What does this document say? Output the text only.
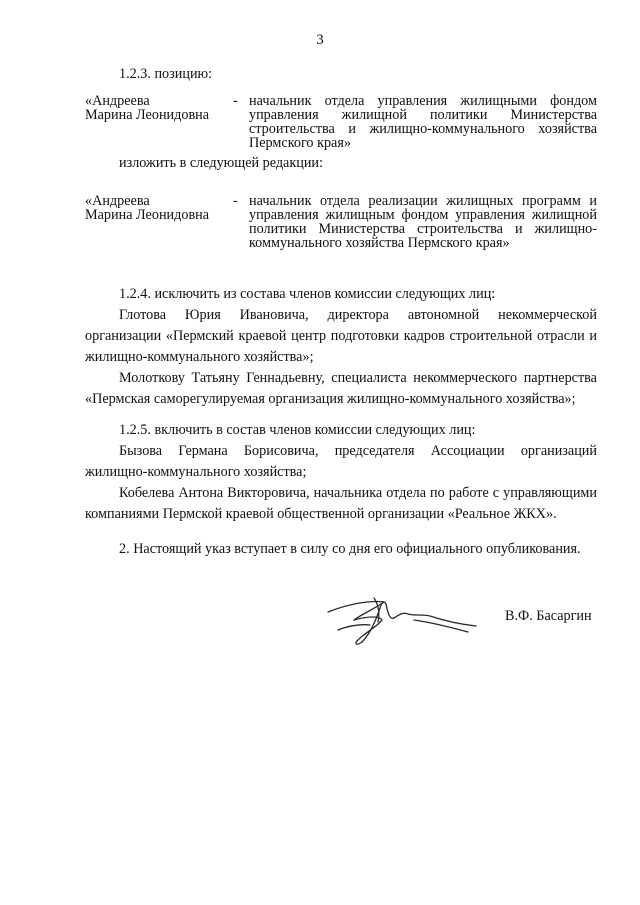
3
1.2.3. позицию:
«Андреева
Марина Леонидовна
- начальник отдела управления жилищными фондом управления жилищной политики Министерства строительства и жилищно-коммунального хозяйства Пермского края»
изложить в следующей редакции:
«Андреева
Марина Леонидовна
- начальник отдела реализации жилищных программ и управления жилищным фондом управления жилищной политики Министерства строительства и жилищно-коммунального хозяйства Пермского края»
1.2.4. исключить из состава членов комиссии следующих лиц:
Глотова Юрия Ивановича, директора автономной некоммерческой организации «Пермский краевой центр подготовки кадров строительной отрасли и жилищно-коммунального хозяйства»;
Молоткову Татьяну Геннадьевну, специалиста некоммерческого партнерства «Пермская саморегулируемая организация жилищно-коммунального хозяйства»;
1.2.5. включить в состав членов комиссии следующих лиц:
Бызова Германа Борисовича, председателя Ассоциации организаций жилищно-коммунального хозяйства;
Кобелева Антона Викторовича, начальника отдела по работе с управляющими компаниями Пермской краевой общественной организации «Реальное ЖКХ».
2. Настоящий указ вступает в силу со дня его официального опубликования.
В.Ф. Басаргин
